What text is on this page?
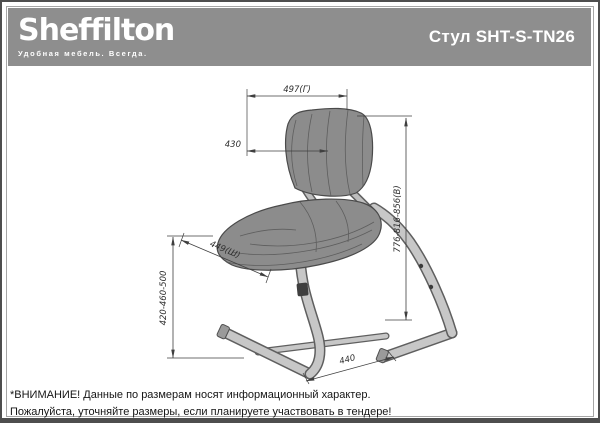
Sheffilton
Удобная мебель. Всегда.
Стул SHT-S-TN26
497(Г)
430
449(Ш)
420-460-500
776-816-856(В)
440
*ВНИМАНИЕ! Данные по размерам носят информационный характер.
Пожалуйста, уточняйте размеры, если планируете участвовать в тендере!
